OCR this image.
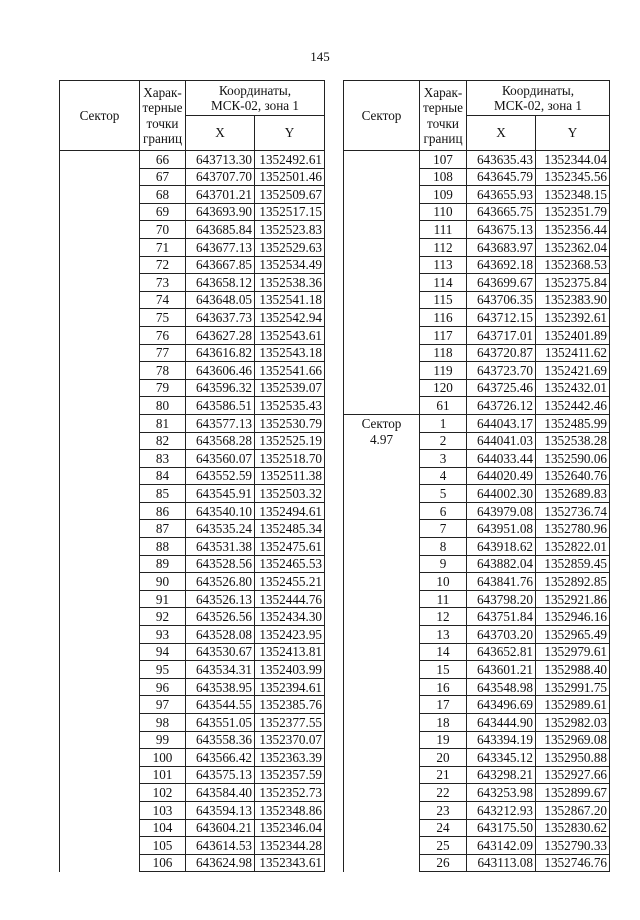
145
Сектор	Харак-
терные
точки
границ	Координаты,
МСК-02, зона 1	
		X	Y
	66	643713.30	1352492.61
	67	643707.70	1352501.46
	68	643701.21	1352509.67
	69	643693.90	1352517.15
	70	643685.84	1352523.83
	71	643677.13	1352529.63
	72	643667.85	1352534.49
	73	643658.12	1352538.36
	74	643648.05	1352541.18
	75	643637.73	1352542.94
	76	643627.28	1352543.61
	77	643616.82	1352543.18
	78	643606.46	1352541.66
	79	643596.32	1352539.07
	80	643586.51	1352535.43
	81	643577.13	1352530.79
	82	643568.28	1352525.19
	83	643560.07	1352518.70
	84	643552.59	1352511.38
	85	643545.91	1352503.32
	86	643540.10	1352494.61
	87	643535.24	1352485.34
	88	643531.38	1352475.61
	89	643528.56	1352465.53
	90	643526.80	1352455.21
	91	643526.13	1352444.76
	92	643526.56	1352434.30
	93	643528.08	1352423.95
	94	643530.67	1352413.81
	95	643534.31	1352403.99
	96	643538.95	1352394.61
	97	643544.55	1352385.76
	98	643551.05	1352377.55
	99	643558.36	1352370.07
	100	643566.42	1352363.39
	101	643575.13	1352357.59
	102	643584.40	1352352.73
	103	643594.13	1352348.86
	104	643604.21	1352346.04
	105	643614.53	1352344.28
	106	643624.98	1352343.61
Сектор	Харак-
терные
точки
границ	Координаты,
МСК-02, зона 1	
		X	Y
	107	643635.43	1352344.04
	108	643645.79	1352345.56
	109	643655.93	1352348.15
	110	643665.75	1352351.79
	111	643675.13	1352356.44
	112	643683.97	1352362.04
	113	643692.18	1352368.53
	114	643699.67	1352375.84
	115	643706.35	1352383.90
	116	643712.15	1352392.61
	117	643717.01	1352401.89
	118	643720.87	1352411.62
	119	643723.70	1352421.69
	120	643725.46	1352432.01
	61	643726.12	1352442.46
Сектор
4.97	1	644043.17	1352485.99
	2	644041.03	1352538.28
	3	644033.44	1352590.06
	4	644020.49	1352640.76
	5	644002.30	1352689.83
	6	643979.08	1352736.74
	7	643951.08	1352780.96
	8	643918.62	1352822.01
	9	643882.04	1352859.45
	10	643841.76	1352892.85
	11	643798.20	1352921.86
	12	643751.84	1352946.16
	13	643703.20	1352965.49
	14	643652.81	1352979.61
	15	643601.21	1352988.40
	16	643548.98	1352991.75
	17	643496.69	1352989.61
	18	643444.90	1352982.03
	19	643394.19	1352969.08
	20	643345.12	1352950.88
	21	643298.21	1352927.66
	22	643253.98	1352899.67
	23	643212.93	1352867.20
	24	643175.50	1352830.62
	25	643142.09	1352790.33
	26	643113.08	1352746.76
